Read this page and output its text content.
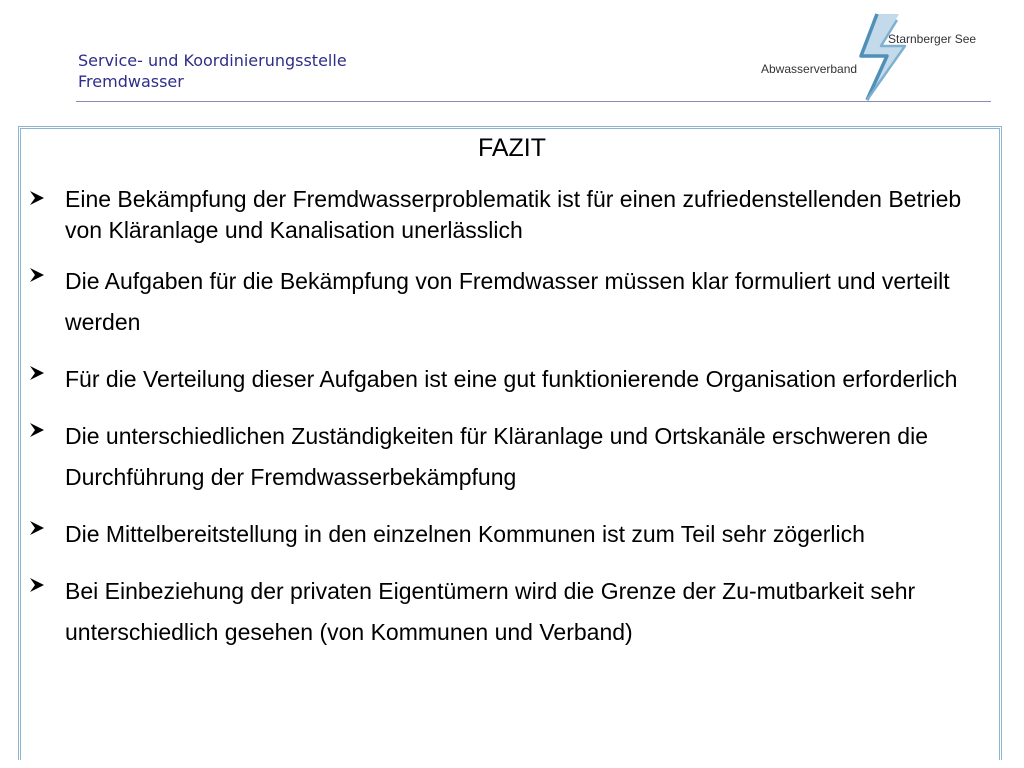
Service- und Koordinierungsstelle
Fremdwasser
Starnberger See
Abwasserverband
FAZIT
Eine Bekämpfung der Fremdwasserproblematik ist für einen zufriedenstellenden Betrieb von Kläranlage und Kanalisation unerlässlich
Die Aufgaben für die Bekämpfung von Fremdwasser müssen klar formuliert und verteilt werden
Für die Verteilung dieser Aufgaben ist eine gut funktionierende Organisation erforderlich
Die unterschiedlichen Zuständigkeiten für Kläranlage und Ortskanäle erschweren die Durchführung der Fremdwasserbekämpfung
Die Mittelbereitstellung in den einzelnen Kommunen ist zum Teil sehr zögerlich
Bei Einbeziehung der privaten Eigentümern wird die Grenze der Zu-mutbarkeit sehr unterschiedlich gesehen (von Kommunen und Verband)
